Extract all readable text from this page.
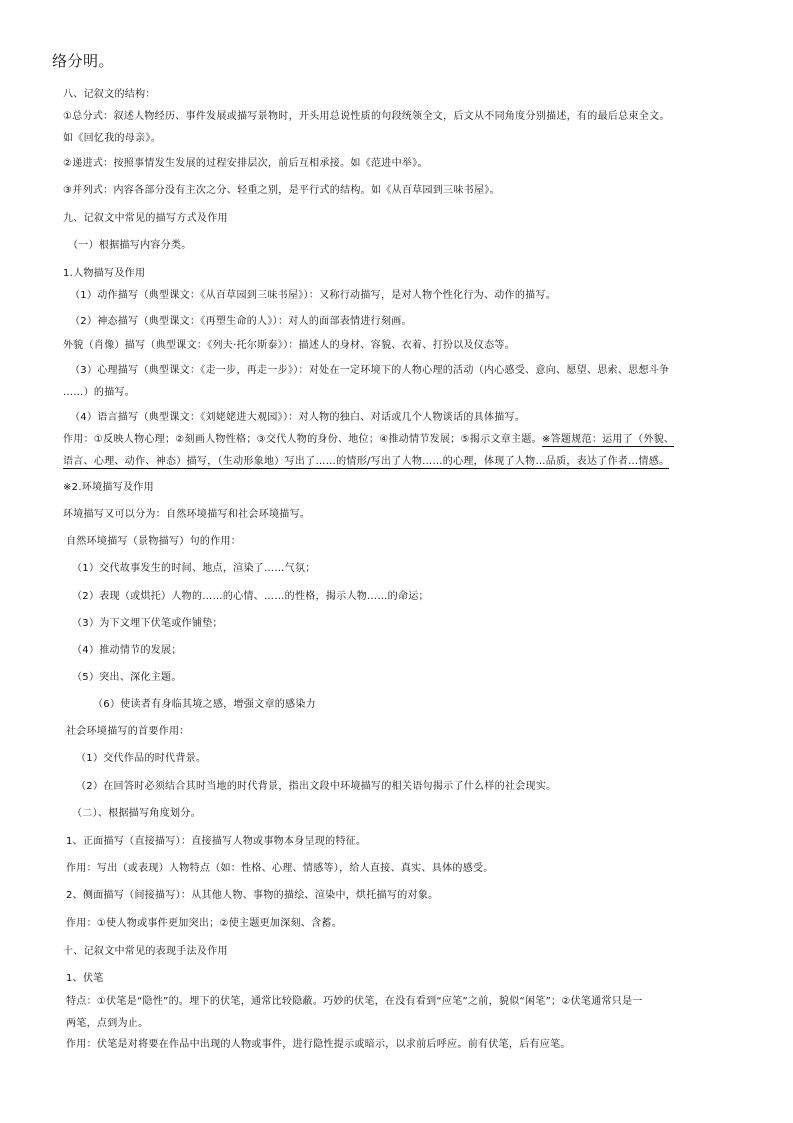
络分明。
八、记叙文的结构：
①总分式：叙述人物经历、事件发展或描写景物时，开头用总说性质的句段统领全文，后文从不同角度分别描述，有的最后总束全文。
如《回忆我的母亲》。
②递进式：按照事情发生发展的过程安排层次，前后互相承接。如《范进中举》。
③并列式：内容各部分没有主次之分、轻重之别，是平行式的结构。如《从百草园到三味书屋》。
九、记叙文中常见的描写方式及作用
（一）根据描写内容分类。
1.人物描写及作用
（1）动作描写（典型课文：《从百草园到三味书屋》）：又称行动描写，是对人物个性化行为、动作的描写。
（2）神态描写（典型课文：《再塑生命的人》）：对人的面部表情进行刻画。
外貌（肖像）描写（典型课文：《列夫·托尔斯泰》）：描述人的身材、容貌、衣着、打扮以及仪态等。
（3）心理描写（典型课文：《走一步，再走一步》）：对处在一定环境下的人物心理的活动（内心感受、意向、愿望、思索、思想斗争
……）的描写。
（4）语言描写（典型课文：《刘姥姥进大观园》）：对人物的独白、对话或几个人物谈话的具体描写。
作用：①反映人物心理；②刻画人物性格；③交代人物的身份、地位；④推动情节发展；⑤揭示文章主题。※答题规范：运用了（外貌、
语言、心理、动作、神态）描写，（生动形象地）写出了……的情形/写出了人物……的心理，体现了人物…品质，表达了作者…情感。
※2.环境描写及作用
环境描写又可以分为：自然环境描写和社会环境描写。
自然环境描写（景物描写）句的作用：
（1）交代故事发生的时间、地点，渲染了……气氛；
（2）表现（或烘托）人物的……的心情、……的性格，揭示人物……的命运；
（3）为下文埋下伏笔或作铺垫；
（4）推动情节的发展；
（5）突出、深化主题。
（6）使读者有身临其境之感，增强文章的感染力
社会环境描写的首要作用：
（1）交代作品的时代背景。
（2）在回答时必须结合其时当地的时代背景，指出文段中环境描写的相关语句揭示了什么样的社会现实。
（二）、根据描写角度划分。
1、正面描写（直接描写）：直接描写人物或事物本身呈现的特征。
作用：写出（或表现）人物特点（如：性格、心理、情感等），给人直接、真实、具体的感受。
2、侧面描写（间接描写）：从其他人物、事物的描绘、渲染中，烘托描写的对象。
作用：①使人物或事件更加突出；②使主题更加深刻、含蓄。
十、记叙文中常见的表现手法及作用
1、伏笔
特点：①伏笔是“隐性”的。埋下的伏笔，通常比较隐蔽。巧妙的伏笔，在没有看到“应笔”之前，貌似“闲笔”；②伏笔通常只是一
两笔，点到为止。
作用：伏笔是对将要在作品中出现的人物或事件，进行隐性提示或暗示，以求前后呼应。前有伏笔，后有应笔。
